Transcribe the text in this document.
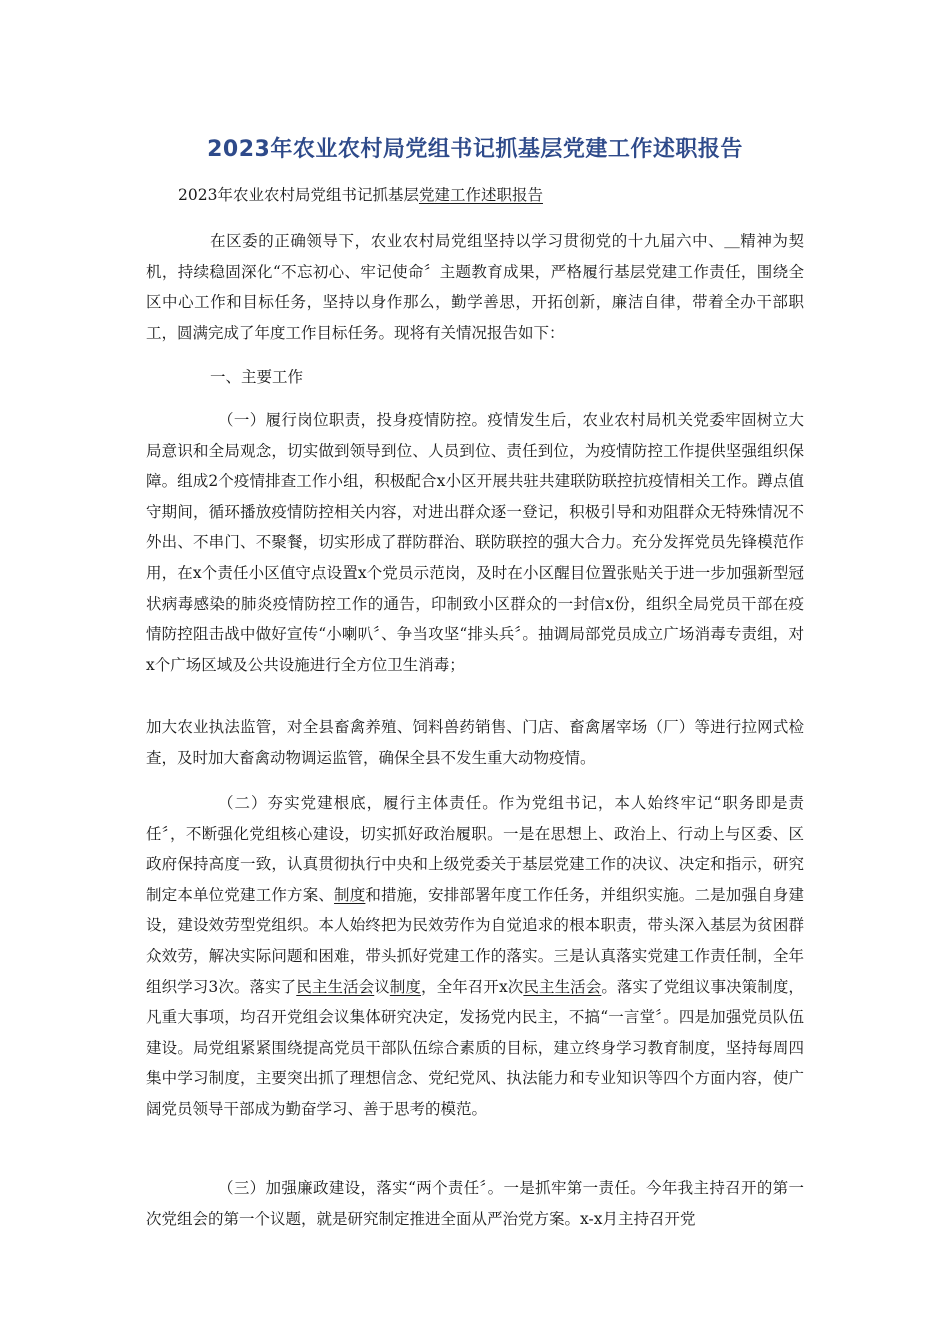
2023年农业农村局党组书记抓基层党建工作述职报告
2023年农业农村局党组书记抓基层党建工作述职报告

在区委的正确领导下，农业农村局党组坚持以学习贯彻党的十九届六中、＿精神为契机，持续稳固深化“不忘初心、牢记使命〞主题教育成果，严格履行基层党建工作责任，围绕全区中心工作和目标任务，坚持以身作那么，勤学善思，开拓创新，廉洁自律，带着全办干部职工，圆满完成了年度工作目标任务。现将有关情况报告如下：

一、主要工作

（一）履行岗位职责，投身疫情防控。疫情发生后，农业农村局机关党委牢固树立大局意识和全局观念，切实做到领导到位、人员到位、责任到位，为疫情防控工作提供坚强组织保障。组成2个疫情排查工作小组，积极配合x小区开展共驻共建联防联控抗疫情相关工作。蹲点值守期间，循环播放疫情防控相关内容，对进出群众逐一登记，积极引导和劝阻群众无特殊情况不外出、不串门、不聚餐，切实形成了群防群治、联防联控的强大合力。充分发挥党员先锋模范作用，在x个责任小区值守点设置x个党员示范岗，及时在小区醒目位置张贴关于进一步加强新型冠状病毒感染的肺炎疫情防控工作的通告，印制致小区群众的一封信x份，组织全局党员干部在疫情防控阻击战中做好宣传“小喇叭〞、争当攻坚“排头兵〞。抽调局部党员成立广场消毒专责组，对x个广场区域及公共设施进行全方位卫生消毒；

加大农业执法监管，对全县畜禽养殖、饲料兽药销售、门店、畜禽屠宰场（厂）等进行拉网式检查，及时加大畜禽动物调运监管，确保全县不发生重大动物疫情。

（二）夯实党建根底，履行主体责任。作为党组书记，本人始终牢记“职务即是责任〞，不断强化党组核心建设，切实抓好政治履职。一是在思想上、政治上、行动上与区委、区政府保持高度一致，认真贯彻执行中央和上级党委关于基层党建工作的决议、决定和指示，研究制定本单位党建工作方案、制度和措施，安排部署年度工作任务，并组织实施。二是加强自身建设，建设效劳型党组织。本人始终把为民效劳作为自觉追求的根本职责，带头深入基层为贫困群众效劳，解决实际问题和困难，带头抓好党建工作的落实。三是认真落实党建工作责任制，全年组织学习3次。落实了民主生活会议制度，全年召开x次民主生活会。落实了党组议事决策制度，凡重大事项，均召开党组会议集体研究决定，发扬党内民主，不搞“一言堂〞。四是加强党员队伍建设。局党组紧紧围绕提高党员干部队伍综合素质的目标，建立终身学习教育制度，坚持每周四集中学习制度，主要突出抓了理想信念、党纪党风、执法能力和专业知识等四个方面内容，使广阔党员领导干部成为勤奋学习、善于思考的模范。

（三）加强廉政建设，落实“两个责任〞。一是抓牢第一责任。今年我主持召开的第一次党组会的第一个议题，就是研究制定推进全面从严治党方案。x-x月主持召开党
